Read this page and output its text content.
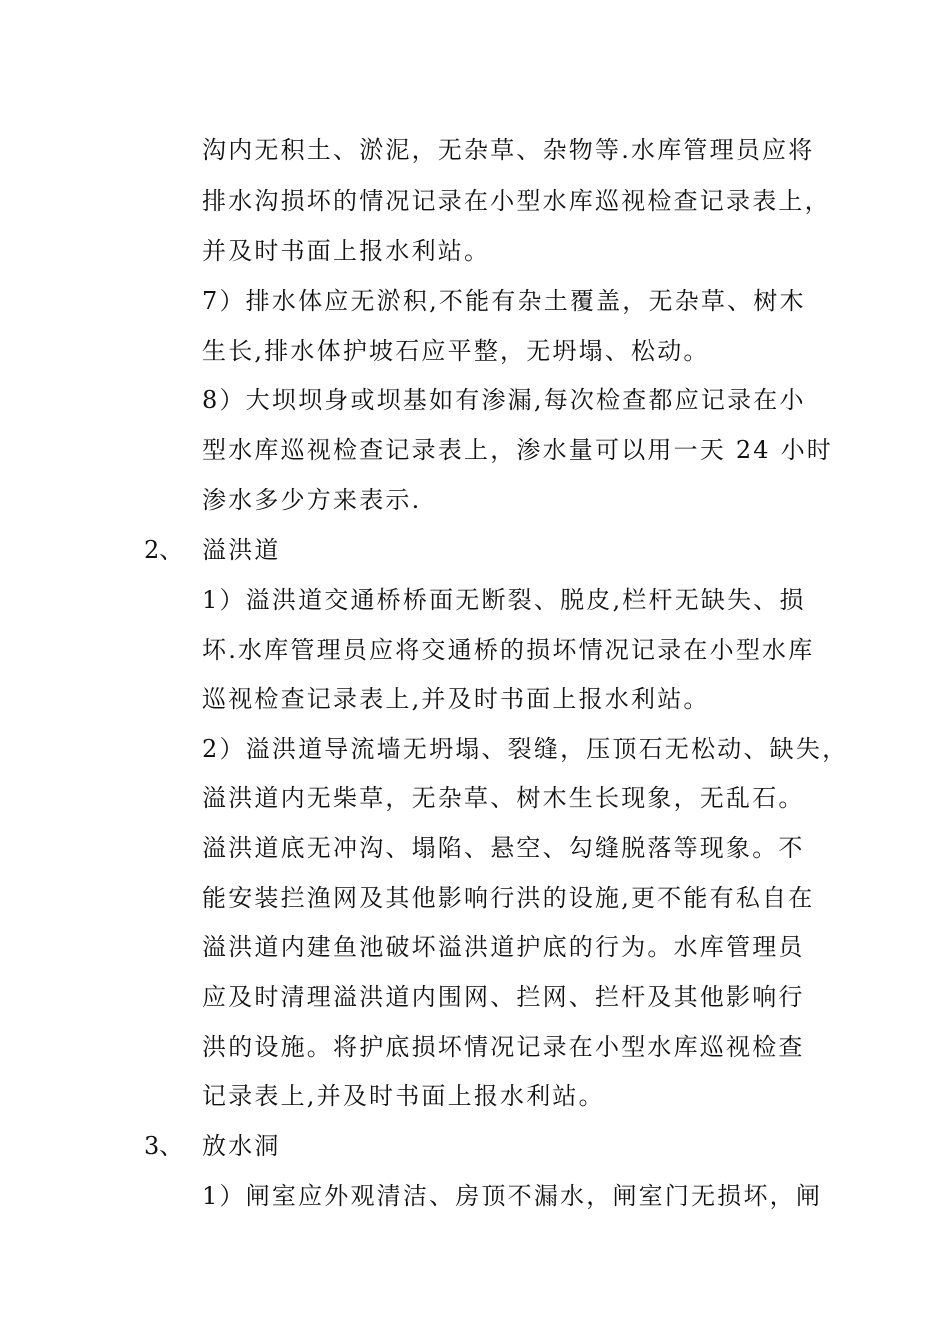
沟内无积土、淤泥，无杂草、杂物等.水库管理员应将
排水沟损坏的情况记录在小型水库巡视检查记录表上，
并及时书面上报水利站。
7）排水体应无淤积,不能有杂土覆盖，无杂草、树木
生长,排水体护坡石应平整，无坍塌、松动。
8）大坝坝身或坝基如有渗漏,每次检查都应记录在小
型水库巡视检查记录表上，渗水量可以用一天 24 小时
渗水多少方来表示.
2、 溢洪道
1）溢洪道交通桥桥面无断裂、脱皮,栏杆无缺失、损
坏.水库管理员应将交通桥的损坏情况记录在小型水库
巡视检查记录表上,并及时书面上报水利站。
2）溢洪道导流墙无坍塌、裂缝，压顶石无松动、缺失，
溢洪道内无柴草，无杂草、树木生长现象，无乱石。
溢洪道底无冲沟、塌陷、悬空、勾缝脱落等现象。不
能安装拦渔网及其他影响行洪的设施,更不能有私自在
溢洪道内建鱼池破坏溢洪道护底的行为。水库管理员
应及时清理溢洪道内围网、拦网、拦杆及其他影响行
洪的设施。将护底损坏情况记录在小型水库巡视检查
记录表上,并及时书面上报水利站。
3、 放水洞
1）闸室应外观清洁、房顶不漏水，闸室门无损坏，闸
